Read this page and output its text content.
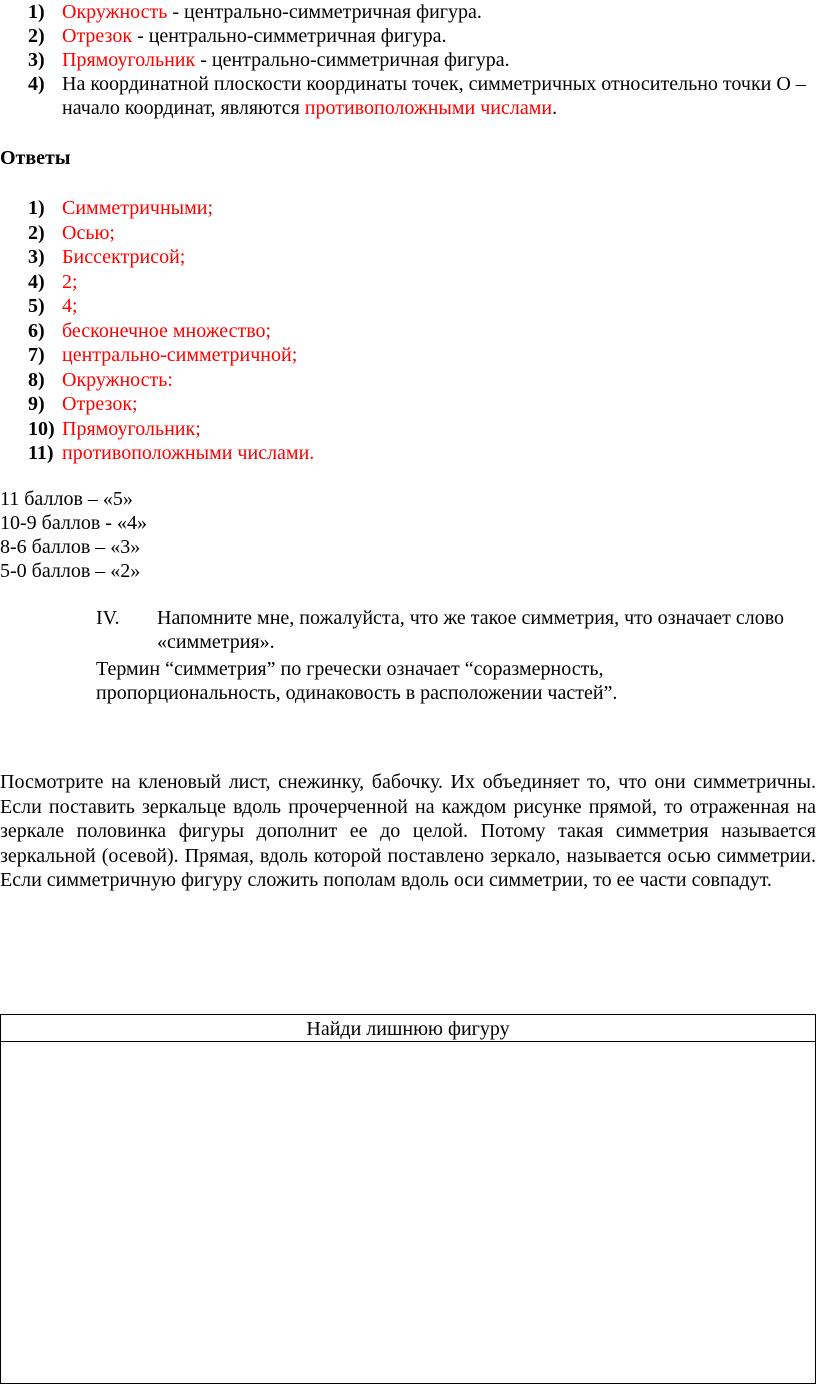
1) Окружность - центрально-симметричная фигура.
2) Отрезок - центрально-симметричная фигура.
3) Прямоугольник - центрально-симметричная фигура.
4) На координатной плоскости координаты точек, симметричных относительно точки О – начало координат, являются противоположными числами.
Ответы
1) Симметричными;
2) Осью;
3) Биссектрисой;
4) 2;
5) 4;
6) бесконечное множество;
7) центрально-симметричной;
8) Окружность:
9) Отрезок;
10) Прямоугольник;
11) противоположными числами.
11 баллов – «5»
10-9 баллов - «4»
8-6 баллов – «3»
5-0 баллов – «2»
IV. Напомните мне, пожалуйста, что же такое симметрия, что означает слово «симметрия».
Термин “симметрия” по гречески означает “соразмерность, пропорциональность, одинаковость в расположении частей”.

Посмотрите на кленовый лист, снежинку, бабочку. Их объединяет то, что они симметричны. Если поставить зеркальце вдоль прочерченной на каждом рисунке прямой, то отраженная на зеркале половинка фигуры дополнит ее до целой. Потому такая симметрия называется зеркальной (осевой). Прямая, вдоль которой поставлено зеркало, называется осью симметрии. Если симметричную фигуру сложить пополам вдоль оси симметрии, то ее части совпадут.

Найди лишнюю фигуру
